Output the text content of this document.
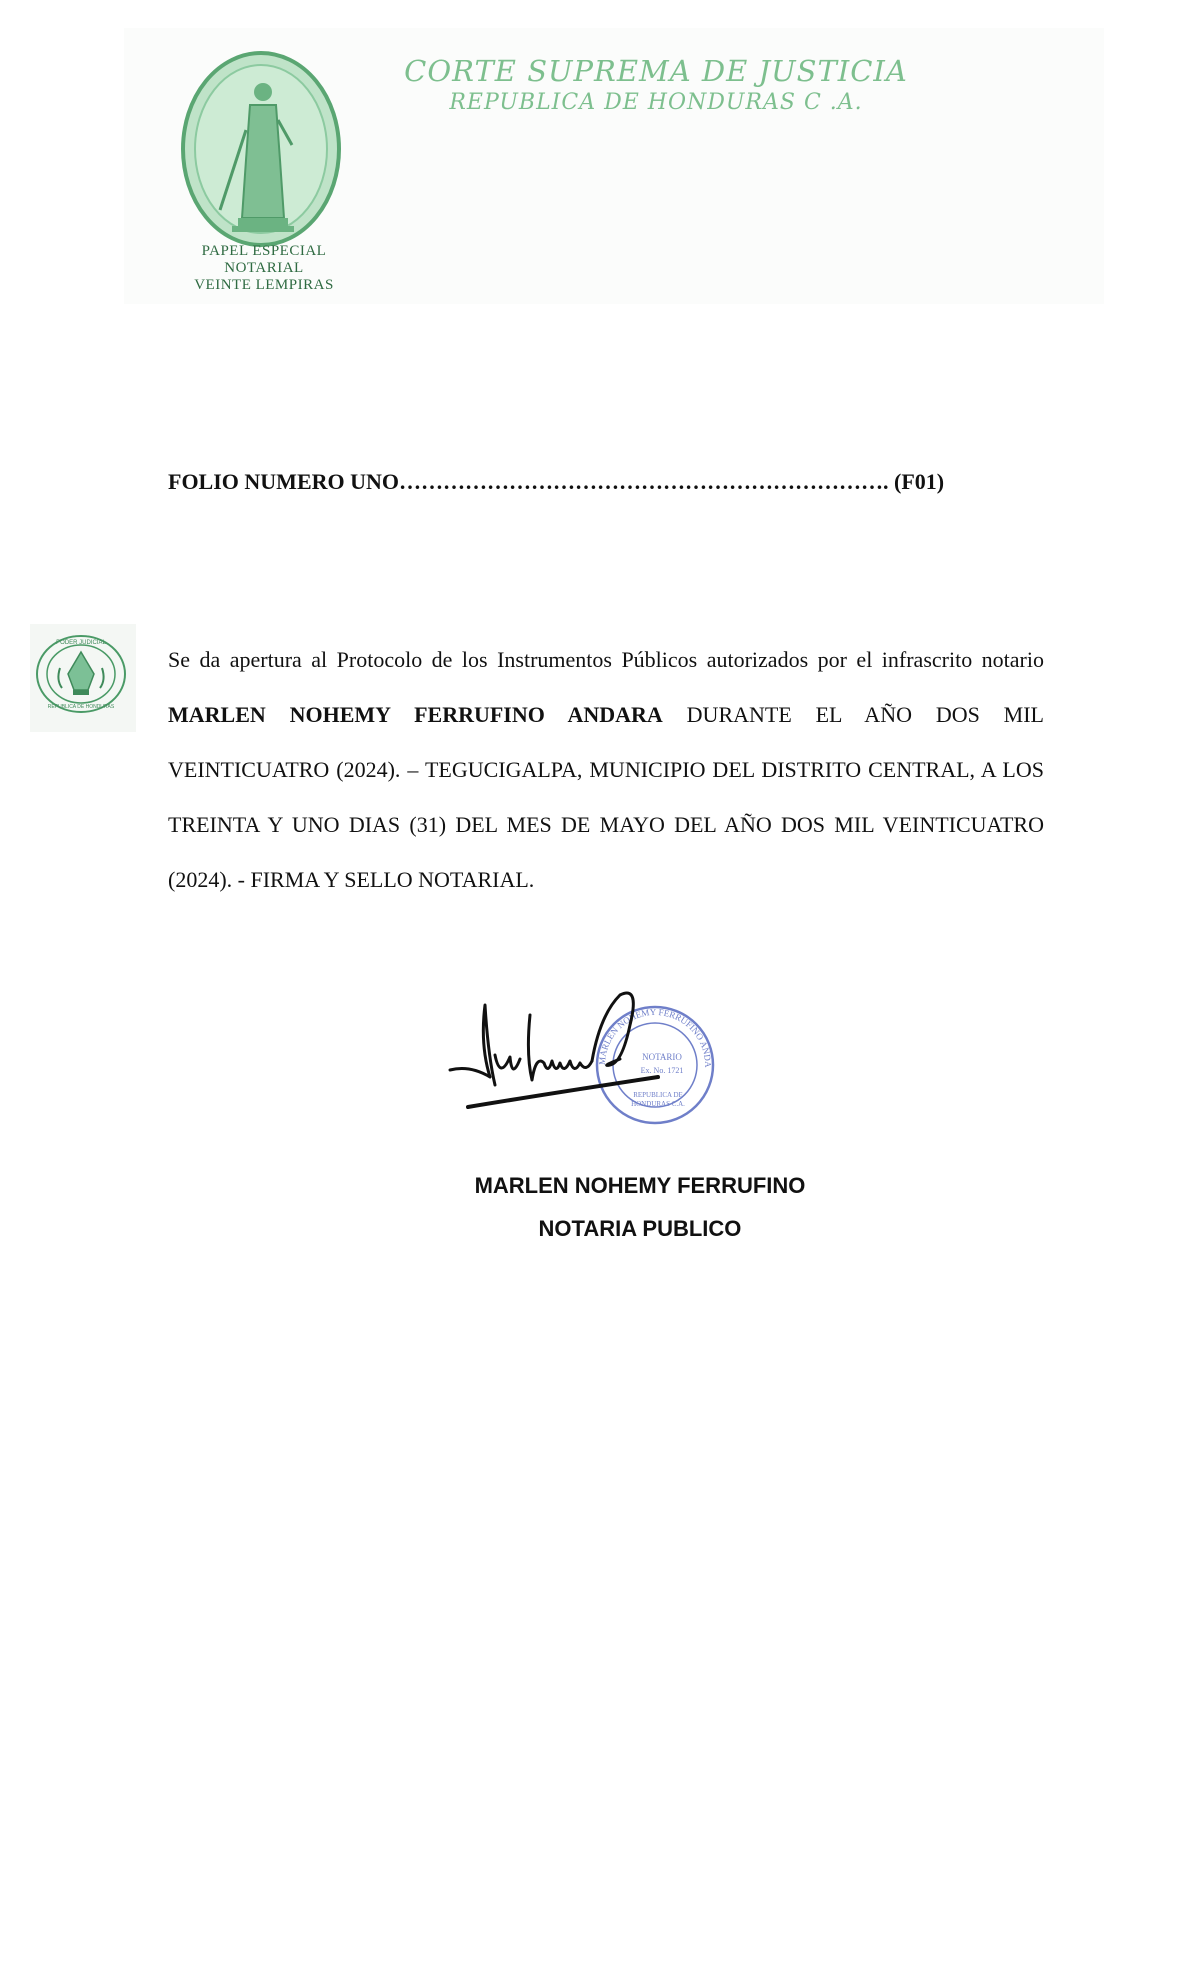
PAPEL ESPECIAL
NOTARIAL
VEINTE LEMPIRAS
CORTE SUPREMA DE JUSTICIA
REPUBLICA DE HONDURAS C .A.
FOLIO NUMERO UNO…………………………………………………………. (F01)
PODER JUDICIAL
REPUBLICA DE HONDURAS
Se da apertura al Protocolo de los Instrumentos Públicos autorizados por el infrascrito notario MARLEN NOHEMY FERRUFINO ANDARA DURANTE EL AÑO DOS MIL VEINTICUATRO (2024). – TEGUCIGALPA, MUNICIPIO DEL DISTRITO CENTRAL, A LOS TREINTA Y UNO DIAS (31) DEL MES DE MAYO DEL AÑO DOS MIL VEINTICUATRO (2024). - FIRMA Y SELLO NOTARIAL.
MARLEN NOHEMY FERRUFINO ANDA
NOTARIO
Ex. No. 1721
REPUBLICA DE
HONDURAS C.A.
MARLEN NOHEMY FERRUFINO
NOTARIA PUBLICO
